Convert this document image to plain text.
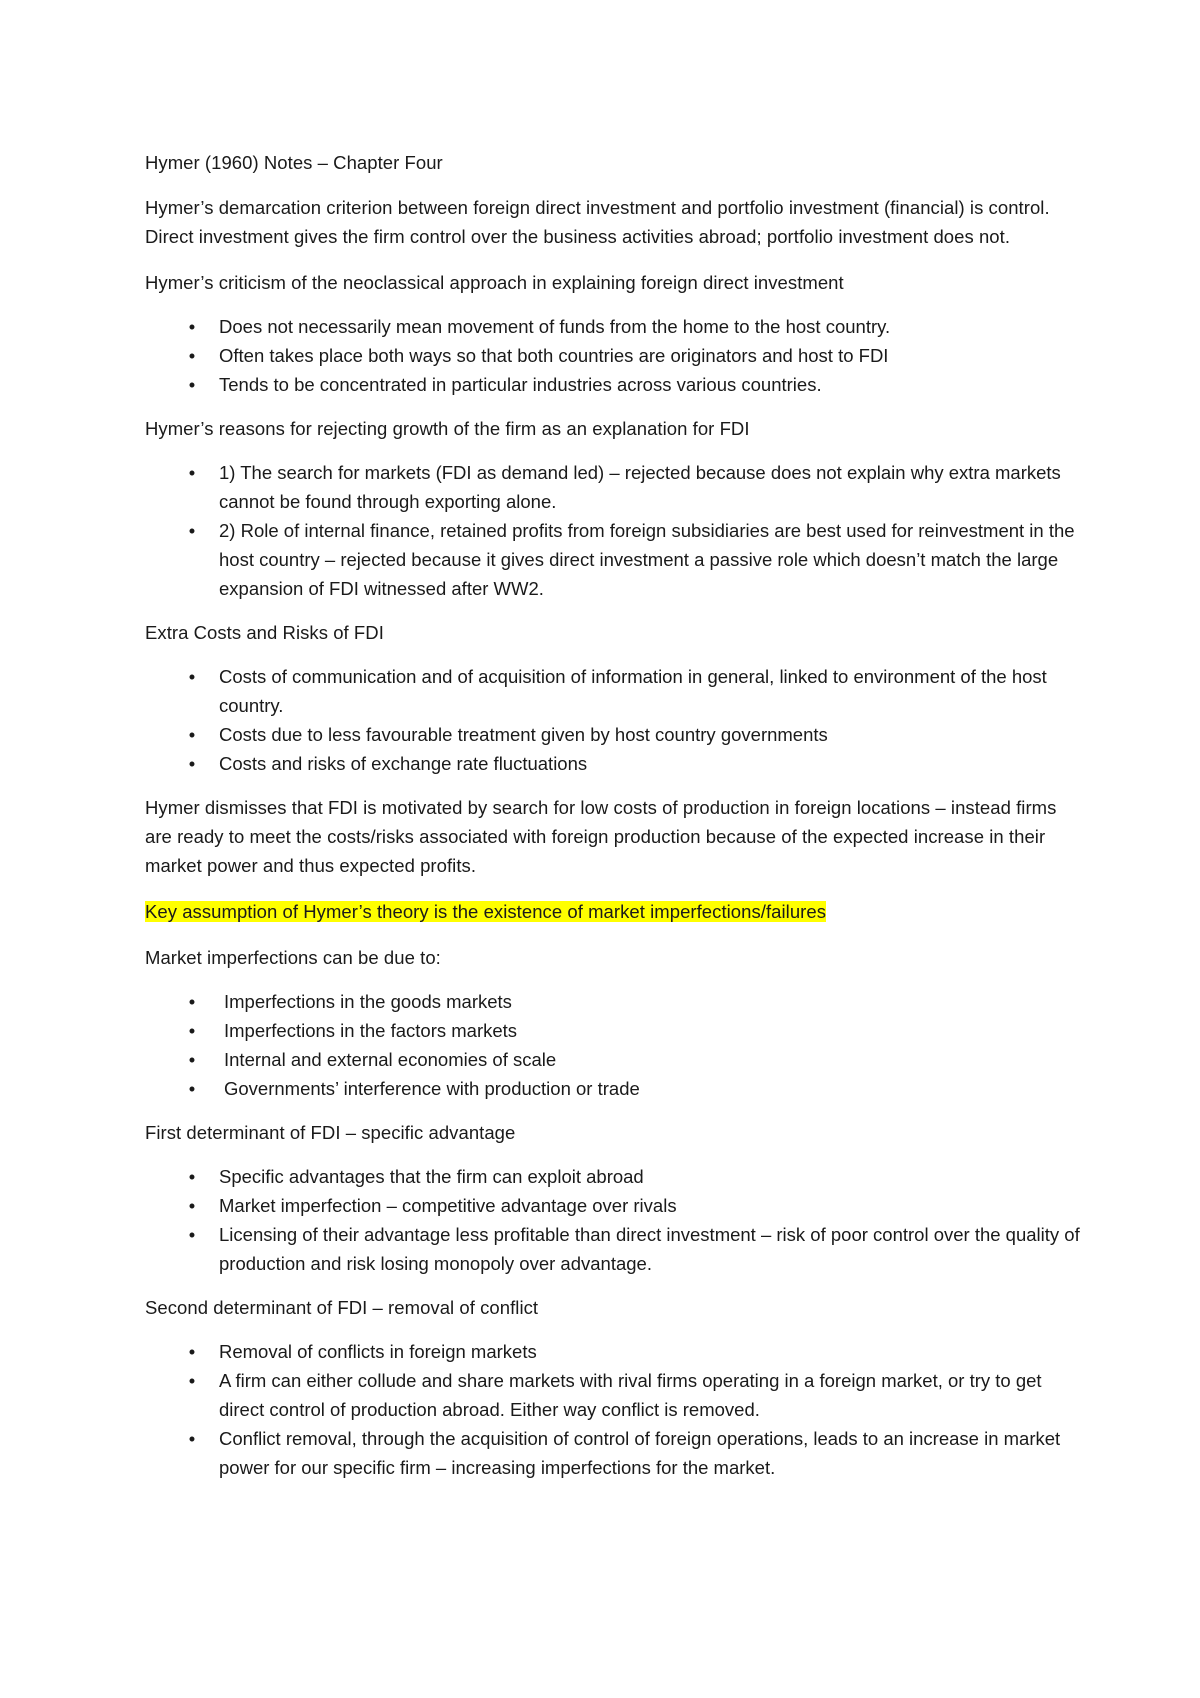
Hymer (1960) Notes – Chapter Four

Hymer’s demarcation criterion between foreign direct investment and portfolio investment (financial) is control. Direct investment gives the firm control over the business activities abroad; portfolio investment does not.

Hymer’s criticism of the neoclassical approach in explaining foreign direct investment

• Does not necessarily mean movement of funds from the home to the host country.
• Often takes place both ways so that both countries are originators and host to FDI
• Tends to be concentrated in particular industries across various countries.

Hymer’s reasons for rejecting growth of the firm as an explanation for FDI

• 1) The search for markets (FDI as demand led) – rejected because does not explain why extra markets cannot be found through exporting alone.
• 2) Role of internal finance, retained profits from foreign subsidiaries are best used for reinvestment in the host country – rejected because it gives direct investment a passive role which doesn’t match the large expansion of FDI witnessed after WW2.

Extra Costs and Risks of FDI

• Costs of communication and of acquisition of information in general, linked to environment of the host country.
• Costs due to less favourable treatment given by host country governments
• Costs and risks of exchange rate fluctuations

Hymer dismisses that FDI is motivated by search for low costs of production in foreign locations – instead firms are ready to meet the costs/risks associated with foreign production because of the expected increase in their market power and thus expected profits.

Key assumption of Hymer’s theory is the existence of market imperfections/failures

Market imperfections can be due to:

• Imperfections in the goods markets
• Imperfections in the factors markets
• Internal and external economies of scale
• Governments’ interference with production or trade

First determinant of FDI – specific advantage

• Specific advantages that the firm can exploit abroad
• Market imperfection – competitive advantage over rivals
• Licensing of their advantage less profitable than direct investment – risk of poor control over the quality of production and risk losing monopoly over advantage.

Second determinant of FDI – removal of conflict

• Removal of conflicts in foreign markets
• A firm can either collude and share markets with rival firms operating in a foreign market, or try to get direct control of production abroad. Either way conflict is removed.
• Conflict removal, through the acquisition of control of foreign operations, leads to an increase in market power for our specific firm – increasing imperfections for the market.
